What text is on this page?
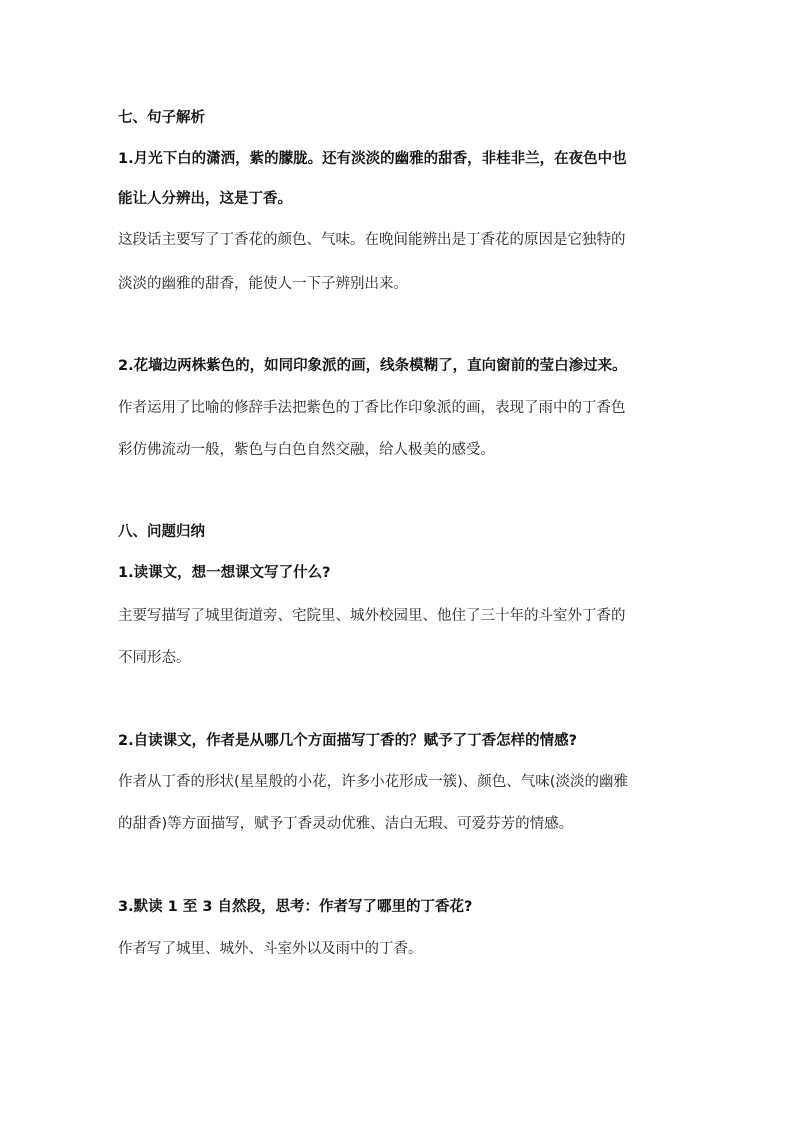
七、句子解析
1.月光下白的潇洒，紫的朦胧。还有淡淡的幽雅的甜香，非桂非兰，在夜色中也
能让人分辨出，这是丁香。
这段话主要写了丁香花的颜色、气味。在晚间能辨出是丁香花的原因是它独特的
淡淡的幽雅的甜香，能使人一下子辨别出来。
2.花墙边两株紫色的，如同印象派的画，线条模糊了，直向窗前的莹白渗过来。
作者运用了比喻的修辞手法把紫色的丁香比作印象派的画，表现了雨中的丁香色
彩仿佛流动一般，紫色与白色自然交融，给人极美的感受。
八、问题归纳
1.读课文，想一想课文写了什么?
主要写描写了城里街道旁、宅院里、城外校园里、他住了三十年的斗室外丁香的
不同形态。
2.自读课文，作者是从哪几个方面描写丁香的？赋予了丁香怎样的情感?
作者从丁香的形状(星星般的小花，许多小花形成一簇)、颜色、气味(淡淡的幽雅
的甜香)等方面描写，赋予丁香灵动优雅、洁白无瑕、可爱芬芳的情感。
3.默读 1 至 3 自然段，思考：作者写了哪里的丁香花?
作者写了城里、城外、斗室外以及雨中的丁香。
